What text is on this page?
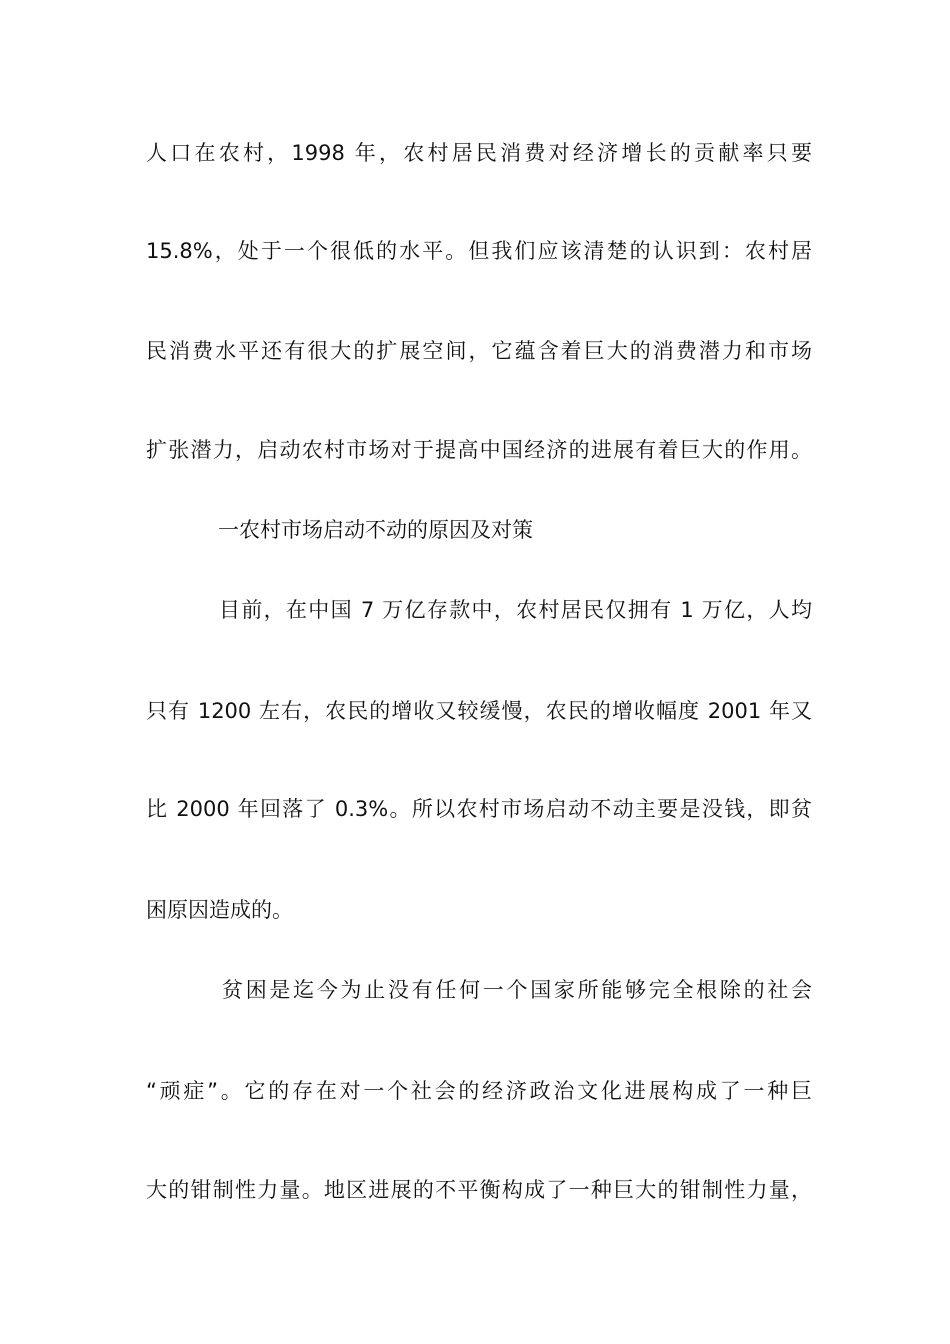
人口在农村，1998 年，农村居民消费对经济增长的贡献率只要
15.8%，处于一个很低的水平。但我们应该清楚的认识到：农村居
民消费水平还有很大的扩展空间，它蕴含着巨大的消费潜力和市场
扩张潜力，启动农村市场对于提高中国经济的进展有着巨大的作用。
一农村市场启动不动的原因及对策
目前，在中国 7 万亿存款中，农村居民仅拥有 1 万亿，人均
只有 1200 左右，农民的增收又较缓慢，农民的增收幅度 2001 年又
比 2000 年回落了 0.3%。所以农村市场启动不动主要是没钱，即贫
困原因造成的。
贫困是迄今为止没有任何一个国家所能够完全根除的社会
“顽症”。它的存在对一个社会的经济政治文化进展构成了一种巨
大的钳制性力量。地区进展的不平衡构成了一种巨大的钳制性力量，
